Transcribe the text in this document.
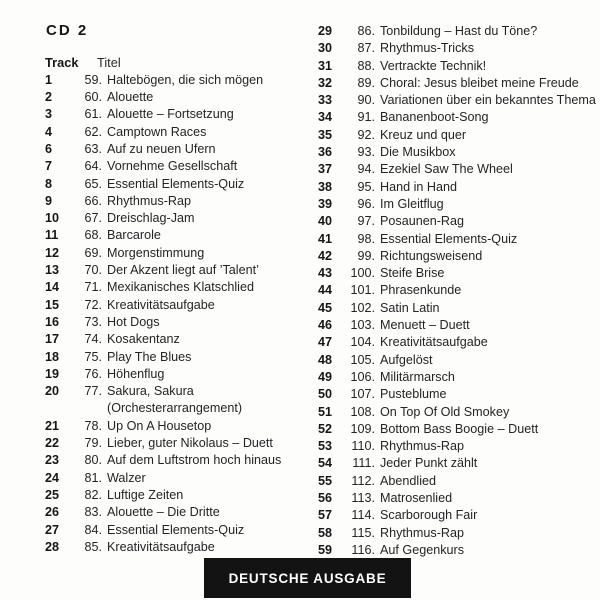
CD 2
Track	Titel
1	59. Haltebögen, die sich mögen
2	60. Alouette
3	61. Alouette – Fortsetzung
4	62. Camptown Races
6	63. Auf zu neuen Ufern
7	64. Vornehme Gesellschaft
8	65. Essential Elements-Quiz
9	66. Rhythmus-Rap
10	67. Dreischlag-Jam
11	68. Barcarole
12	69. Morgenstimmung
13	70. Der Akzent liegt auf ’Talent’
14	71. Mexikanisches Klatschlied
15	72. Kreativitätsaufgabe
16	73. Hot Dogs
17	74. Kosakentanz
18	75. Play The Blues
19	76. Höhenflug
20	77. Sakura, Sakura
(Orchesterarrangement)
21	78. Up On A Housetop
22	79. Lieber, guter Nikolaus – Duett
23	80. Auf dem Luftstrom hoch hinaus
24	81. Walzer
25	82. Luftige Zeiten
26	83. Alouette – Die Dritte
27	84. Essential Elements-Quiz
28	85. Kreativitätsaufgabe
29	86. Tonbildung – Hast du Töne?
30	87. Rhythmus-Tricks
31	88. Vertrackte Technik!
32	89. Choral: Jesus bleibet meine Freude
33	90. Variationen über ein bekanntes Thema
34	91. Bananenboot-Song
35	92. Kreuz und quer
36	93. Die Musikbox
37	94. Ezekiel Saw The Wheel
38	95. Hand in Hand
39	96. Im Gleitflug
40	97. Posaunen-Rag
41	98. Essential Elements-Quiz
42	99. Richtungsweisend
43	100. Steife Brise
44	101. Phrasenkunde
45	102. Satin Latin
46	103. Menuett – Duett
47	104. Kreativitätsaufgabe
48	105. Aufgelöst
49	106. Militärmarsch
50	107. Pusteblume
51	108. On Top Of Old Smokey
52	109. Bottom Bass Boogie – Duett
53	110. Rhythmus-Rap
54	111. Jeder Punkt zählt
55	112. Abendlied
56	113. Matrosenlied
57	114. Scarborough Fair
58	115. Rhythmus-Rap
59	116. Auf Gegenkurs
DEUTSCHE AUSGABE
